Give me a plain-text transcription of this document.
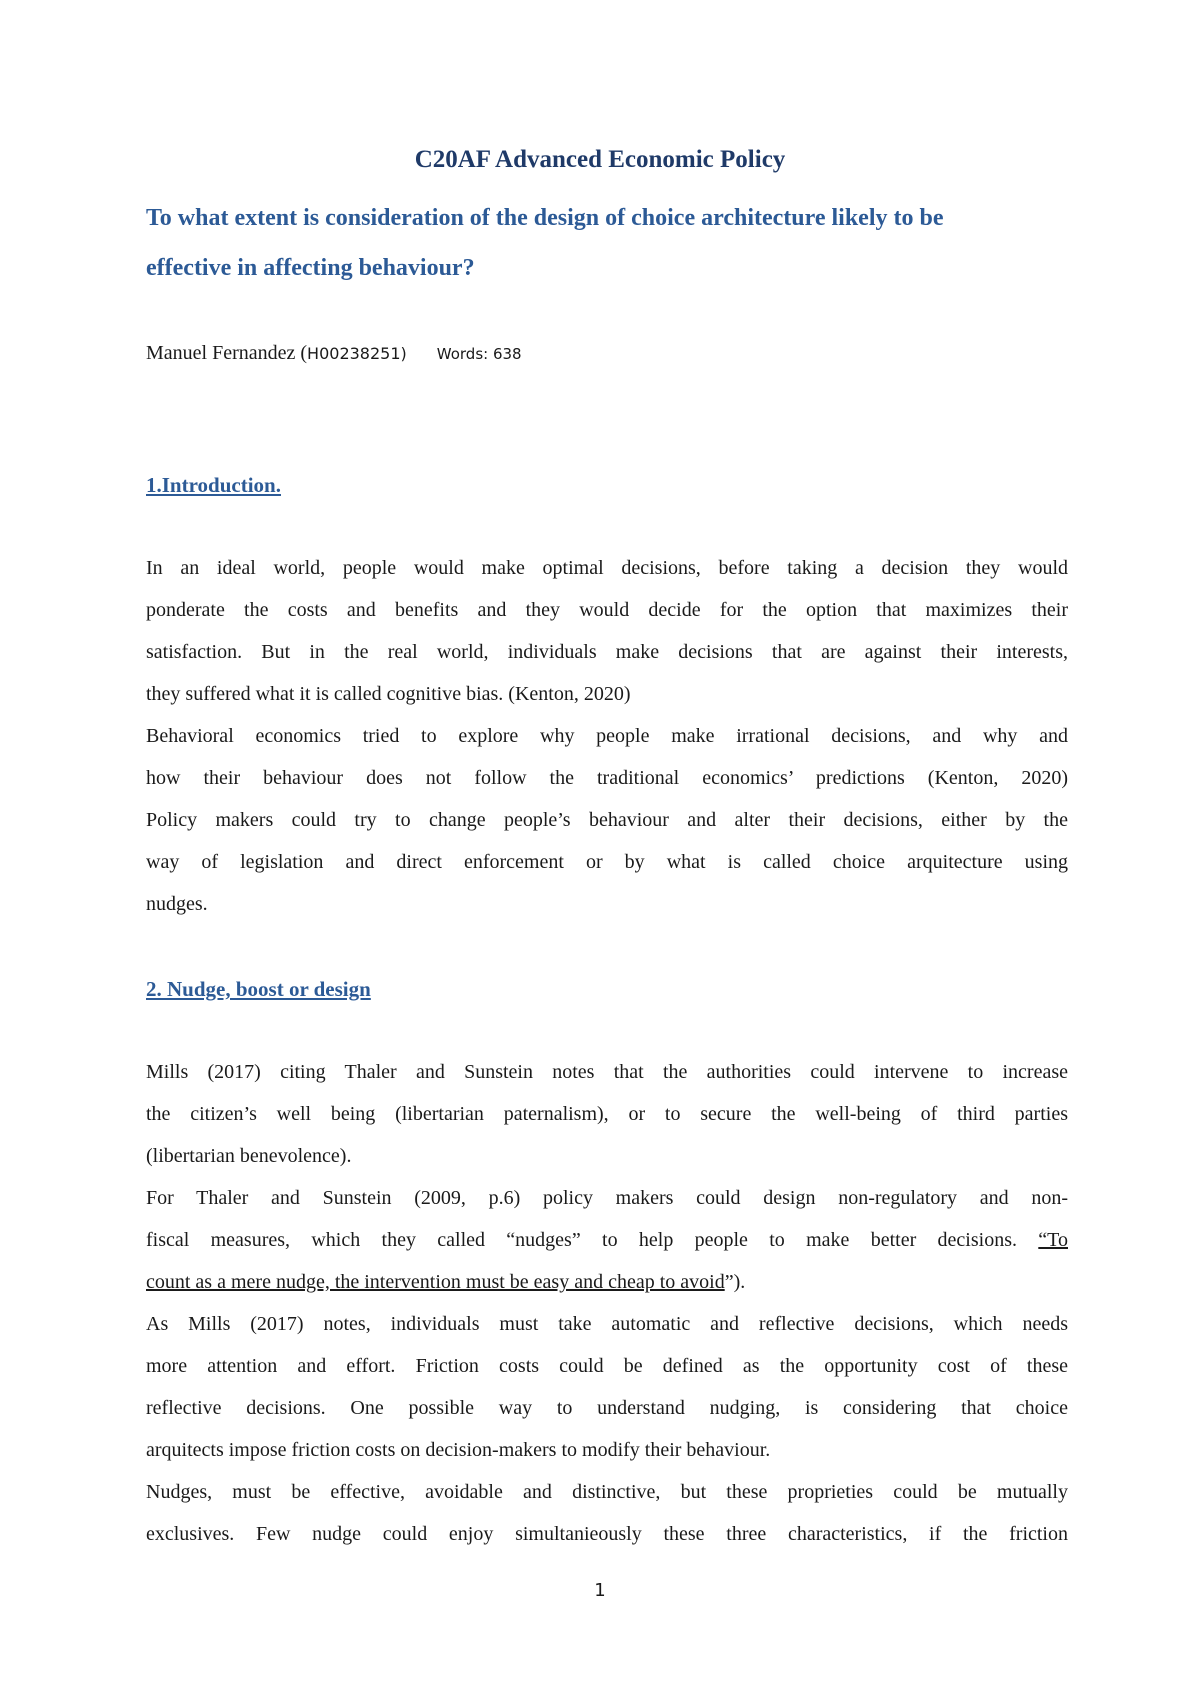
C20AF Advanced Economic Policy
To what extent is consideration of the design of choice architecture likely to be
effective in affecting behaviour?
Manuel Fernandez (H00238251) Words: 638
1.Introduction.
In an ideal world, people would make optimal decisions, before taking a decision they would
ponderate the costs and benefits and they would decide for the option that maximizes their
satisfaction. But in the real world, individuals make decisions that are against their interests,
they suffered what it is called cognitive bias. (Kenton, 2020)
Behavioral economics tried to explore why people make irrational decisions, and why and
how their behaviour does not follow the traditional economics’ predictions (Kenton, 2020)
Policy makers could try to change people’s behaviour and alter their decisions, either by the
way of legislation and direct enforcement or by what is called choice arquitecture using
nudges.
2. Nudge, boost or design
Mills (2017) citing Thaler and Sunstein notes that the authorities could intervene to increase
the citizen’s well being (libertarian paternalism), or to secure the well-being of third parties
(libertarian benevolence).
For Thaler and Sunstein (2009, p.6) policy makers could design non-regulatory and non-
fiscal measures, which they called “nudges” to help people to make better decisions. “To
count as a mere nudge, the intervention must be easy and cheap to avoid”).
As Mills (2017) notes, individuals must take automatic and reflective decisions, which needs
more attention and effort. Friction costs could be defined as the opportunity cost of these
reflective decisions. One possible way to understand nudging, is considering that choice
arquitects impose friction costs on decision-makers to modify their behaviour.
Nudges, must be effective, avoidable and distinctive, but these proprieties could be mutually
exclusives. Few nudge could enjoy simultanieously these three characteristics, if the friction
1
